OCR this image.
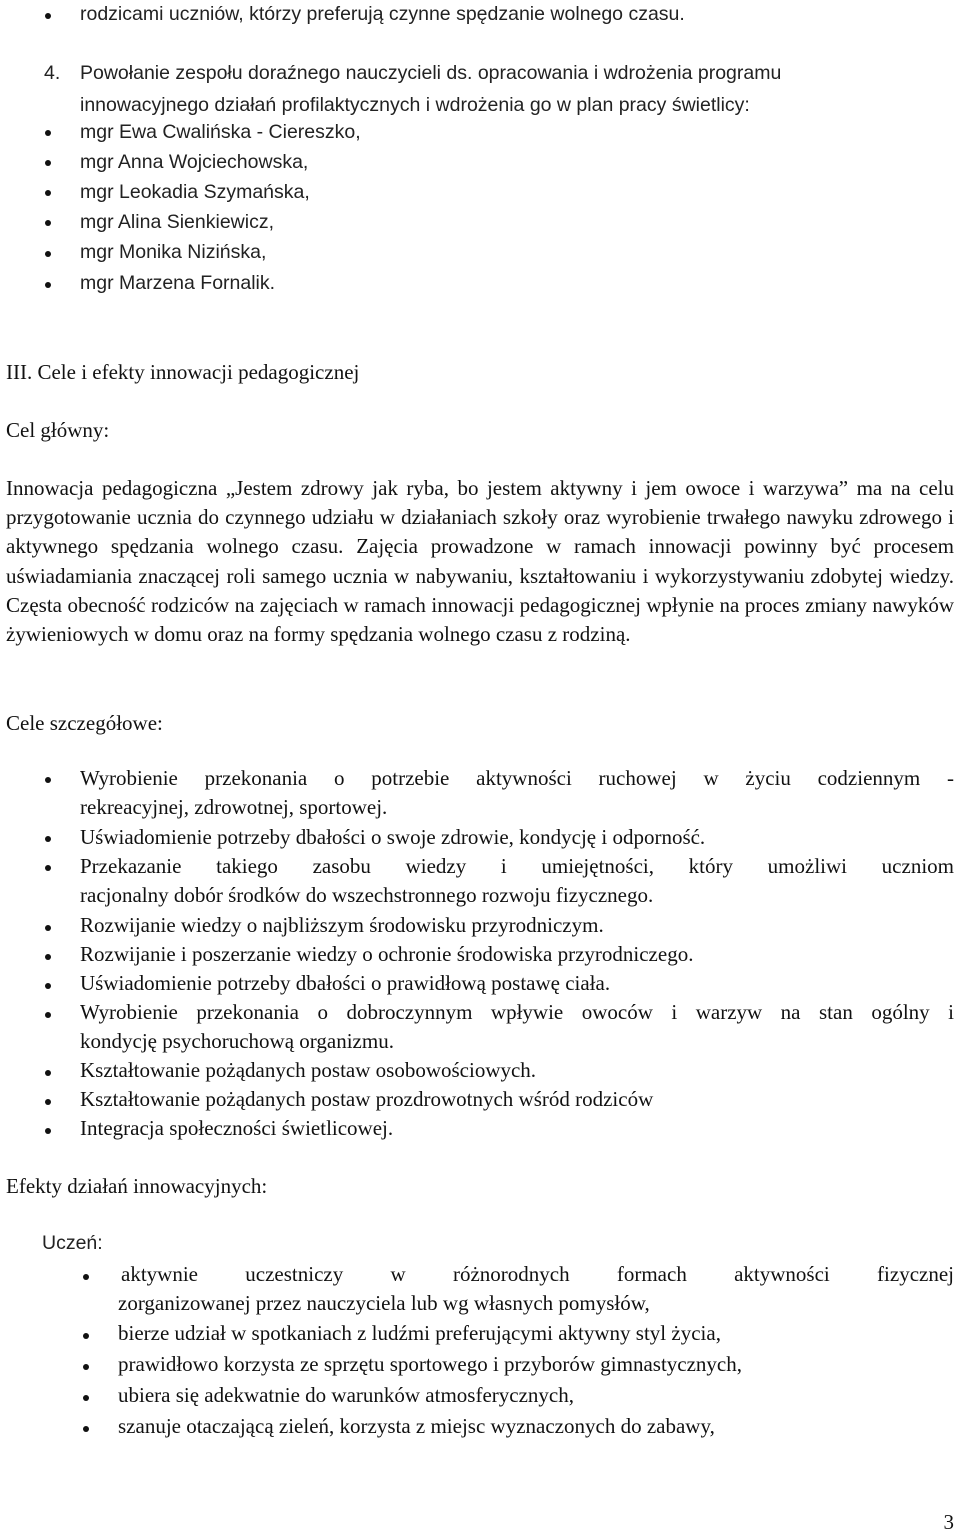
rodzicami uczniów, którzy preferują czynne spędzanie wolnego czasu.
4. Powołanie zespołu doraźnego nauczycieli ds. opracowania i wdrożenia programu
innowacyjnego działań profilaktycznych i wdrożenia go w plan pracy świetlicy:
mgr Ewa Cwalińska - Ciereszko,
mgr Anna Wojciechowska,
mgr Leokadia Szymańska,
mgr Alina Sienkiewicz,
mgr Monika Nizińska,
mgr Marzena Fornalik.
III. Cele i efekty innowacji pedagogicznej
Cel główny:
Innowacja pedagogiczna „Jestem zdrowy jak ryba, bo jestem aktywny i jem owoce i warzywa” ma na celu przygotowanie ucznia do czynnego udziału w działaniach szkoły oraz wyrobienie trwałego nawyku zdrowego i aktywnego spędzania wolnego czasu. Zajęcia prowadzone w ramach innowacji powinny być procesem uświadamiania znaczącej roli samego ucznia w nabywaniu, kształtowaniu i wykorzystywaniu zdobytej wiedzy. Częsta obecność rodziców na zajęciach w ramach innowacji pedagogicznej wpłynie na proces zmiany nawyków żywieniowych w domu oraz na formy spędzania wolnego czasu z rodziną.
Cele szczegółowe:
Wyrobienie przekonania o potrzebie aktywności ruchowej w życiu codziennym -
rekreacyjnej, zdrowotnej, sportowej.
Uświadomienie potrzeby dbałości o swoje zdrowie, kondycję i odporność.
Przekazanie takiego zasobu wiedzy i umiejętności, który umożliwi uczniom
racjonalny dobór środków do wszechstronnego rozwoju fizycznego.
Rozwijanie wiedzy o najbliższym środowisku przyrodniczym.
Rozwijanie i poszerzanie wiedzy o ochronie środowiska przyrodniczego.
Uświadomienie potrzeby dbałości o prawidłową postawę ciała.
Wyrobienie przekonania o dobroczynnym wpływie owoców i warzyw na stan ogólny i
kondycję psychoruchową organizmu.
Kształtowanie pożądanych postaw osobowościowych.
Kształtowanie pożądanych postaw prozdrowotnych wśród rodziców
Integracja społeczności świetlicowej.
Efekty działań innowacyjnych:
Uczeń:
aktywnie uczestniczy w różnorodnych formach aktywności fizycznej
zorganizowanej przez nauczyciela lub wg własnych pomysłów,
bierze udział w spotkaniach z ludźmi preferującymi aktywny styl życia,
prawidłowo korzysta ze sprzętu sportowego i przyborów gimnastycznych,
ubiera się adekwatnie do warunków atmosferycznych,
szanuje otaczającą zieleń, korzysta z miejsc wyznaczonych do zabawy,
3
